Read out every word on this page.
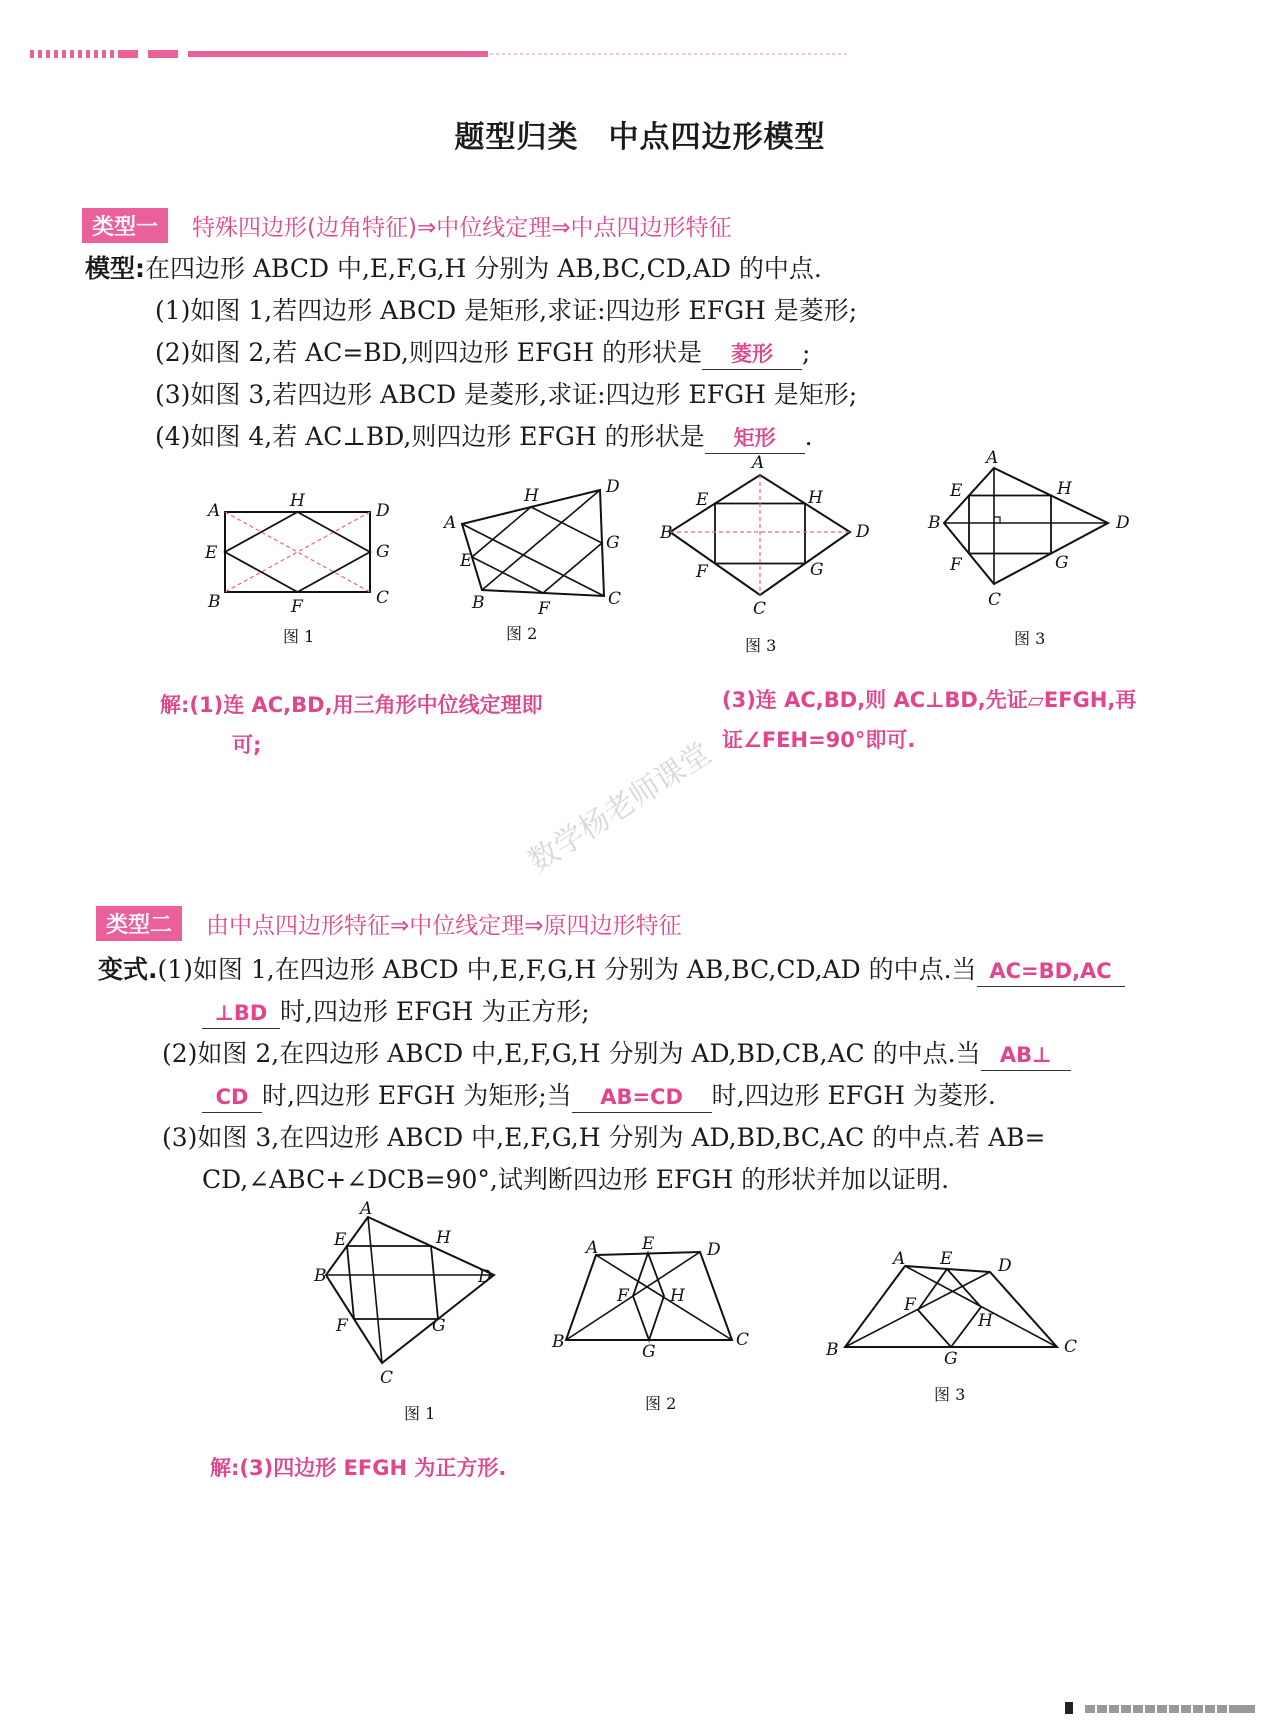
题型归类 中点四边形模型
类型一	特殊四边形(边角特征)⇒中位线定理⇒中点四边形特征
模型:在四边形 ABCD 中,E,F,G,H 分别为 AB,BC,CD,AD 的中点.
(1)如图 1,若四边形 ABCD 是矩形,求证:四边形 EFGH 是菱形;
(2)如图 2,若 AC=BD,则四边形 EFGH 的形状是 菱形 ;
(3)如图 3,若四边形 ABCD 是菱形,求证:四边形 EFGH 是矩形;
(4)如图 4,若 AC⊥BD,则四边形 EFGH 的形状是 矩形 .
A	H	D
E	G
B	F	C
图 1
A
H	D
E
G
B	F	C
图 2
A
E	H
B	D
F	G
C
图 3
A
E	H
B	D
F	G
C
图 3
解:(1)连 AC,BD,用三角形中位线定理即
可;
(3)连 AC,BD,则 AC⊥BD,先证▱EFGH,再
证∠FEH=90°即可.
数学杨老师课堂
类型二	由中点四边形特征⇒中位线定理⇒原四边形特征
变式.(1)如图 1,在四边形 ABCD 中,E,F,G,H 分别为 AB,BC,CD,AD 的中点.当 AC=BD,AC
⊥BD 时,四边形 EFGH 为正方形;
(2)如图 2,在四边形 ABCD 中,E,F,G,H 分别为 AD,BD,CB,AC 的中点.当 AB⊥
CD 时,四边形 EFGH 为矩形;当 AB=CD 时,四边形 EFGH 为菱形.
(3)如图 3,在四边形 ABCD 中,E,F,G,H 分别为 AD,BD,BC,AC 的中点.若 AB=
CD,∠ABC+∠DCB=90°,试判断四边形 EFGH 的形状并加以证明.
A
E	H
B	D
F	G
C
图 1
A	E	D
F H
B	G
C
图 2
A E	D
F
H
B	G
C
图 3
解:(3)四边形 EFGH 为正方形.
